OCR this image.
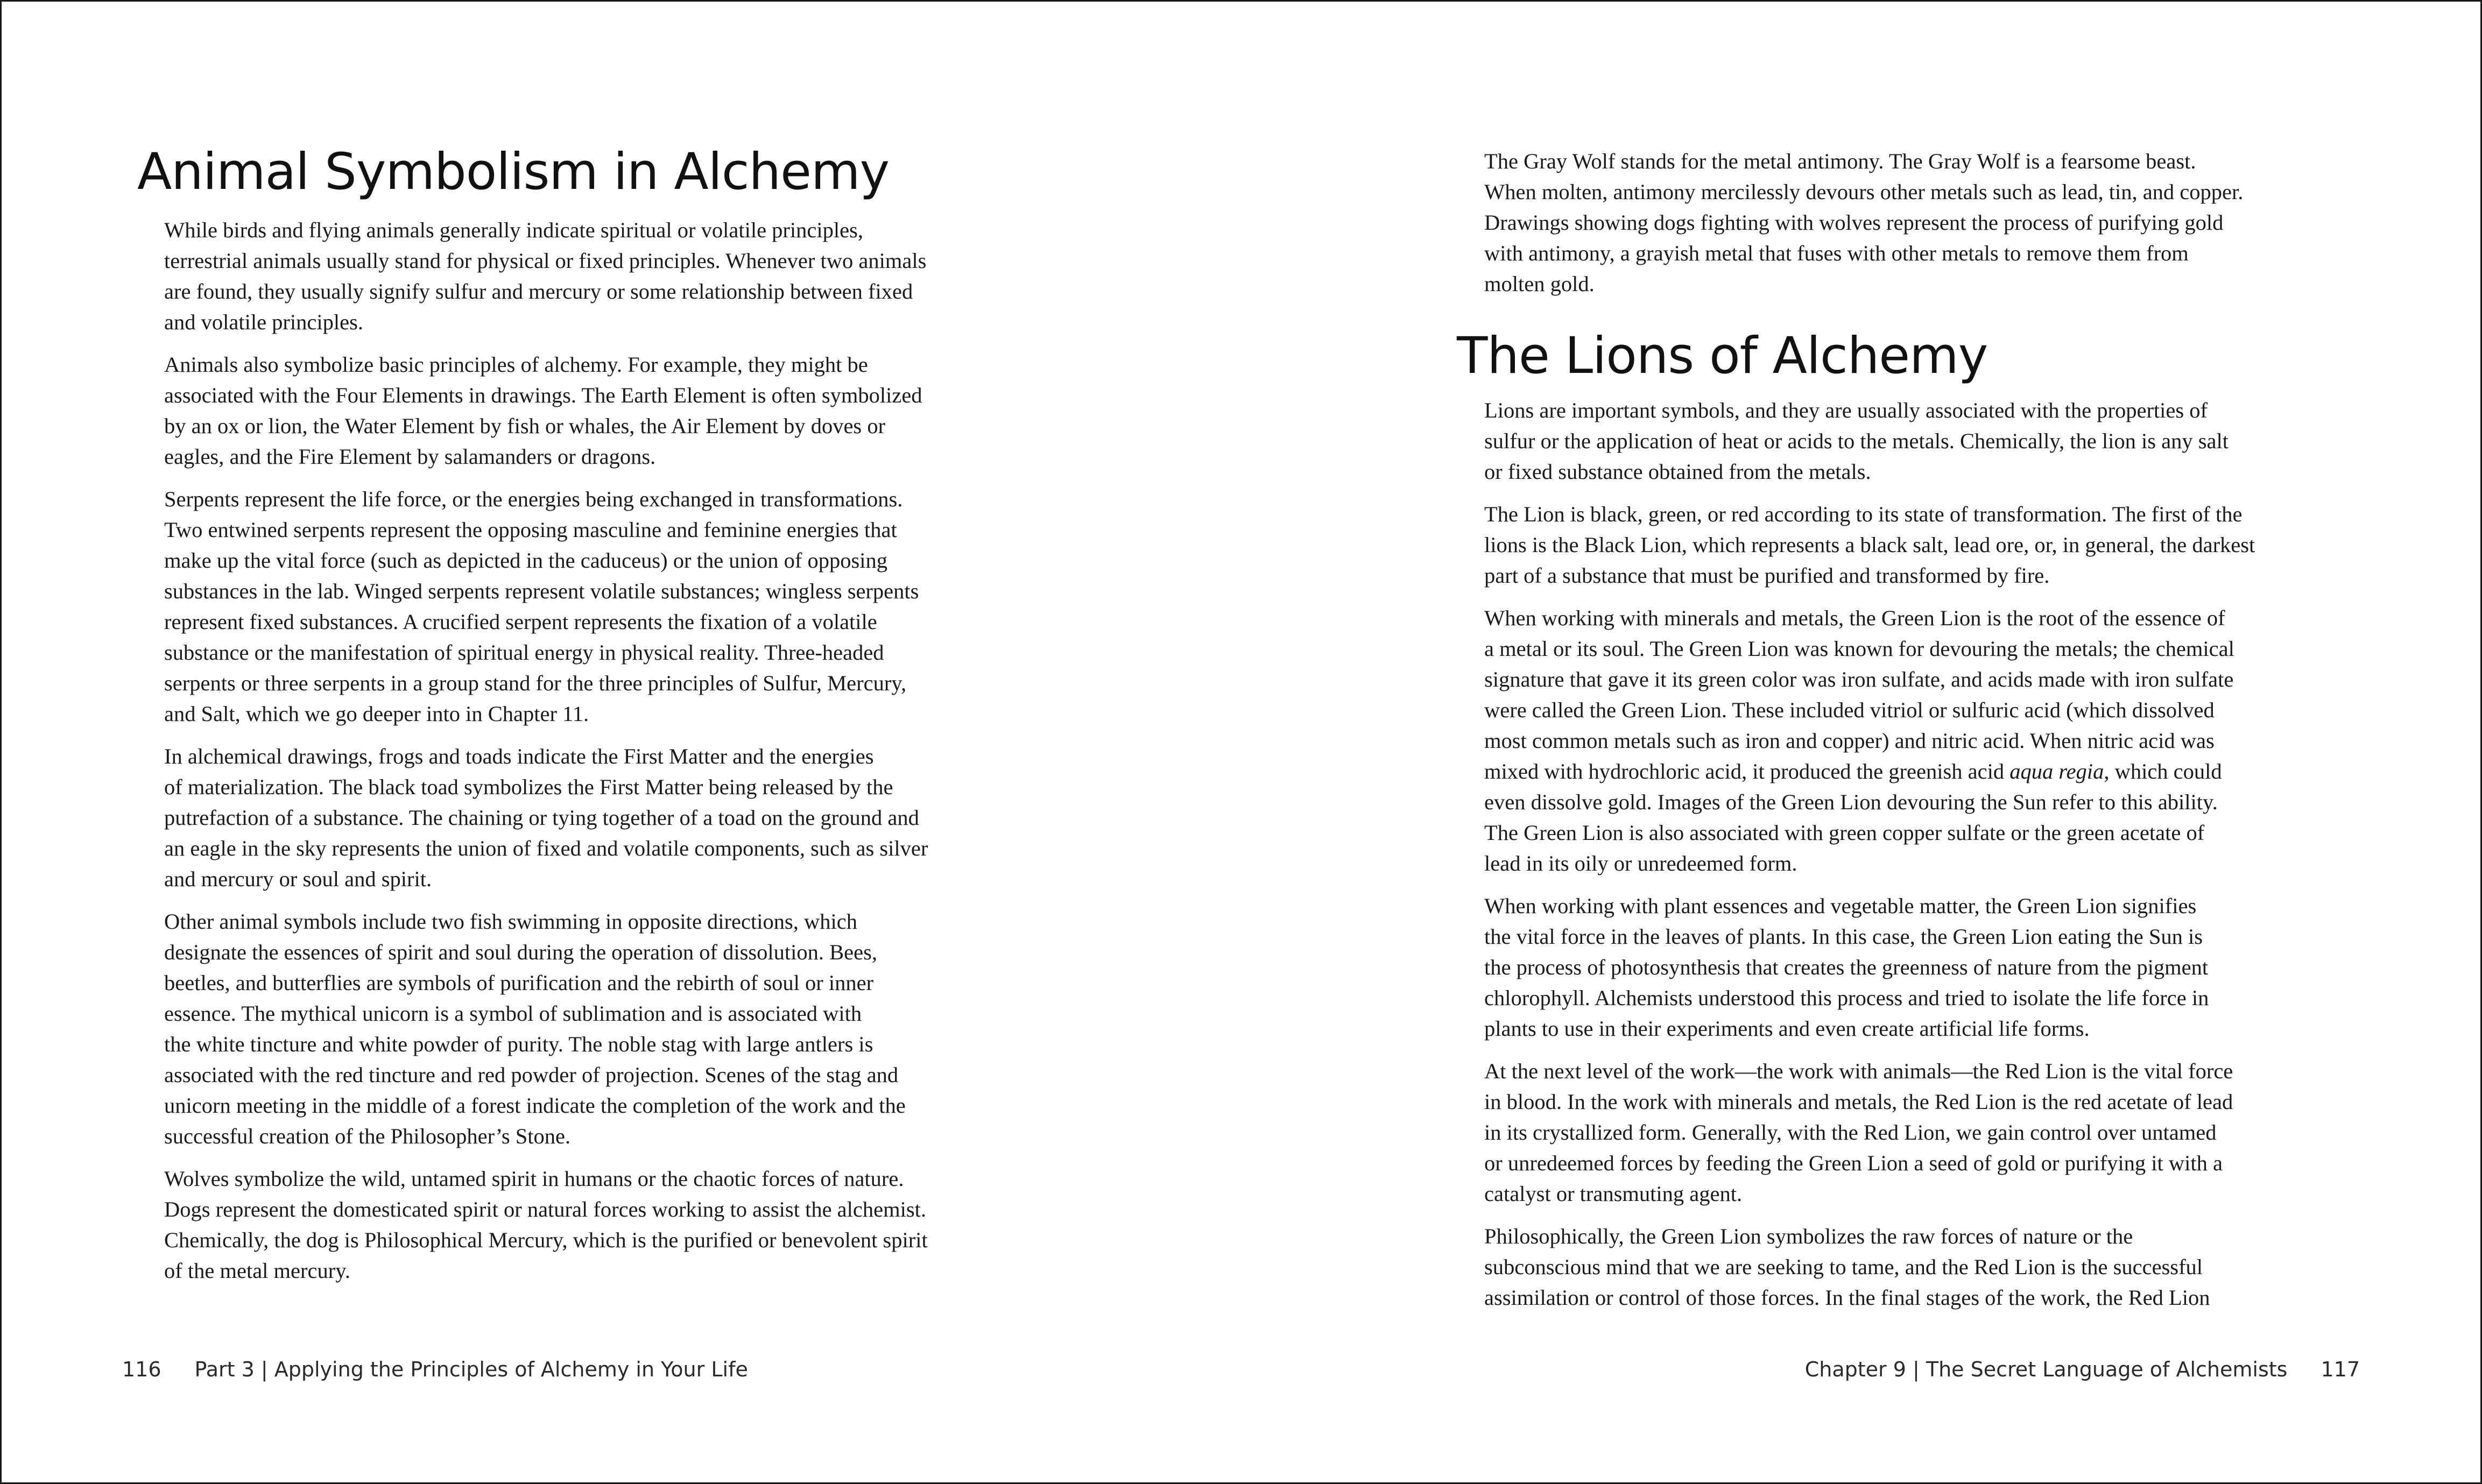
Animal Symbolism in Alchemy

While birds and flying animals generally indicate spiritual or volatile principles,
terrestrial animals usually stand for physical or fixed principles. Whenever two animals
are found, they usually signify sulfur and mercury or some relationship between fixed
and volatile principles.

Animals also symbolize basic principles of alchemy. For example, they might be
associated with the Four Elements in drawings. The Earth Element is often symbolized
by an ox or lion, the Water Element by fish or whales, the Air Element by doves or
eagles, and the Fire Element by salamanders or dragons.

Serpents represent the life force, or the energies being exchanged in transformations.
Two entwined serpents represent the opposing masculine and feminine energies that
make up the vital force (such as depicted in the caduceus) or the union of opposing
substances in the lab. Winged serpents represent volatile substances; wingless serpents
represent fixed substances. A crucified serpent represents the fixation of a volatile
substance or the manifestation of spiritual energy in physical reality. Three-headed
serpents or three serpents in a group stand for the three principles of Sulfur, Mercury,
and Salt, which we go deeper into in Chapter 11.

In alchemical drawings, frogs and toads indicate the First Matter and the energies
of materialization. The black toad symbolizes the First Matter being released by the
putrefaction of a substance. The chaining or tying together of a toad on the ground and
an eagle in the sky represents the union of fixed and volatile components, such as silver
and mercury or soul and spirit.

Other animal symbols include two fish swimming in opposite directions, which
designate the essences of spirit and soul during the operation of dissolution. Bees,
beetles, and butterflies are symbols of purification and the rebirth of soul or inner
essence. The mythical unicorn is a symbol of sublimation and is associated with
the white tincture and white powder of purity. The noble stag with large antlers is
associated with the red tincture and red powder of projection. Scenes of the stag and
unicorn meeting in the middle of a forest indicate the completion of the work and the
successful creation of the Philosopher’s Stone.

Wolves symbolize the wild, untamed spirit in humans or the chaotic forces of nature.
Dogs represent the domesticated spirit or natural forces working to assist the alchemist.
Chemically, the dog is Philosophical Mercury, which is the purified or benevolent spirit
of the metal mercury.

116 Part 3 | Applying the Principles of Alchemy in Your Life

The Gray Wolf stands for the metal antimony. The Gray Wolf is a fearsome beast.
When molten, antimony mercilessly devours other metals such as lead, tin, and copper.
Drawings showing dogs fighting with wolves represent the process of purifying gold
with antimony, a grayish metal that fuses with other metals to remove them from
molten gold.

The Lions of Alchemy

Lions are important symbols, and they are usually associated with the properties of
sulfur or the application of heat or acids to the metals. Chemically, the lion is any salt
or fixed substance obtained from the metals.

The Lion is black, green, or red according to its state of transformation. The first of the
lions is the Black Lion, which represents a black salt, lead ore, or, in general, the darkest
part of a substance that must be purified and transformed by fire.

When working with minerals and metals, the Green Lion is the root of the essence of
a metal or its soul. The Green Lion was known for devouring the metals; the chemical
signature that gave it its green color was iron sulfate, and acids made with iron sulfate
were called the Green Lion. These included vitriol or sulfuric acid (which dissolved
most common metals such as iron and copper) and nitric acid. When nitric acid was
mixed with hydrochloric acid, it produced the greenish acid aqua regia, which could
even dissolve gold. Images of the Green Lion devouring the Sun refer to this ability.
The Green Lion is also associated with green copper sulfate or the green acetate of
lead in its oily or unredeemed form.

When working with plant essences and vegetable matter, the Green Lion signifies
the vital force in the leaves of plants. In this case, the Green Lion eating the Sun is
the process of photosynthesis that creates the greenness of nature from the pigment
chlorophyll. Alchemists understood this process and tried to isolate the life force in
plants to use in their experiments and even create artificial life forms.

At the next level of the work—the work with animals—the Red Lion is the vital force
in blood. In the work with minerals and metals, the Red Lion is the red acetate of lead
in its crystallized form. Generally, with the Red Lion, we gain control over untamed
or unredeemed forces by feeding the Green Lion a seed of gold or purifying it with a
catalyst or transmuting agent.

Philosophically, the Green Lion symbolizes the raw forces of nature or the
subconscious mind that we are seeking to tame, and the Red Lion is the successful
assimilation or control of those forces. In the final stages of the work, the Red Lion

Chapter 9 | The Secret Language of Alchemists 117
